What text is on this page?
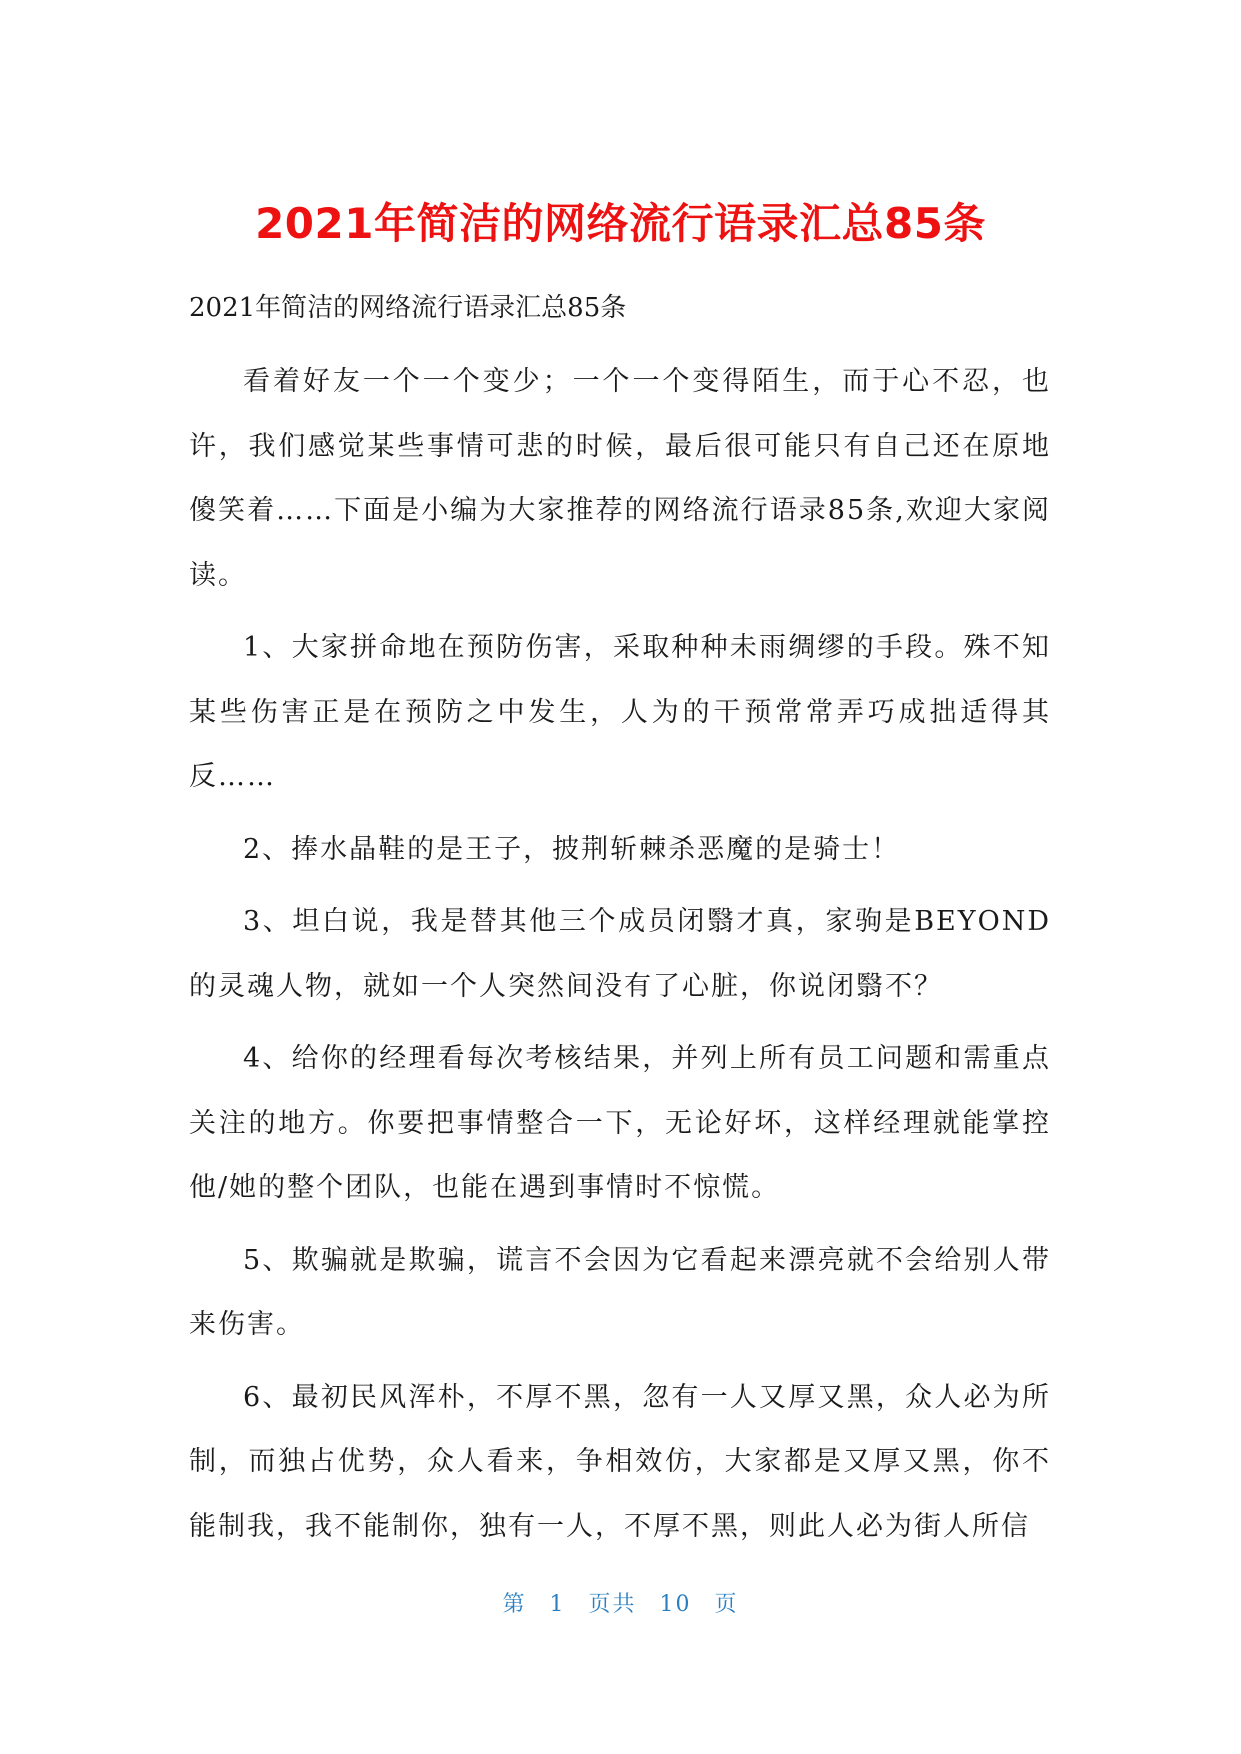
2021年简洁的网络流行语录汇总85条
2021年简洁的网络流行语录汇总85条

看着好友一个一个变少；一个一个变得陌生，而于心不忍，也许，我们感觉某些事情可悲的时候，最后很可能只有自己还在原地傻笑着……下面是小编为大家推荐的网络流行语录85条,欢迎大家阅读。

1、大家拼命地在预防伤害，采取种种未雨绸缪的手段。殊不知某些伤害正是在预防之中发生，人为的干预常常弄巧成拙适得其反……

2、捧水晶鞋的是王子，披荆斩棘杀恶魔的是骑士！

3、坦白说，我是替其他三个成员闭翳才真，家驹是BEYOND的灵魂人物，就如一个人突然间没有了心脏，你说闭翳不？

4、给你的经理看每次考核结果，并列上所有员工问题和需重点关注的地方。你要把事情整合一下，无论好坏，这样经理就能掌控他/她的整个团队，也能在遇到事情时不惊慌。

5、欺骗就是欺骗，谎言不会因为它看起来漂亮就不会给别人带来伤害。

6、最初民风浑朴，不厚不黑，忽有一人又厚又黑，众人必为所制，而独占优势，众人看来，争相效仿，大家都是又厚又黑，你不能制我，我不能制你，独有一人，不厚不黑，则此人必为街人所信

第 1 页共 10 页
